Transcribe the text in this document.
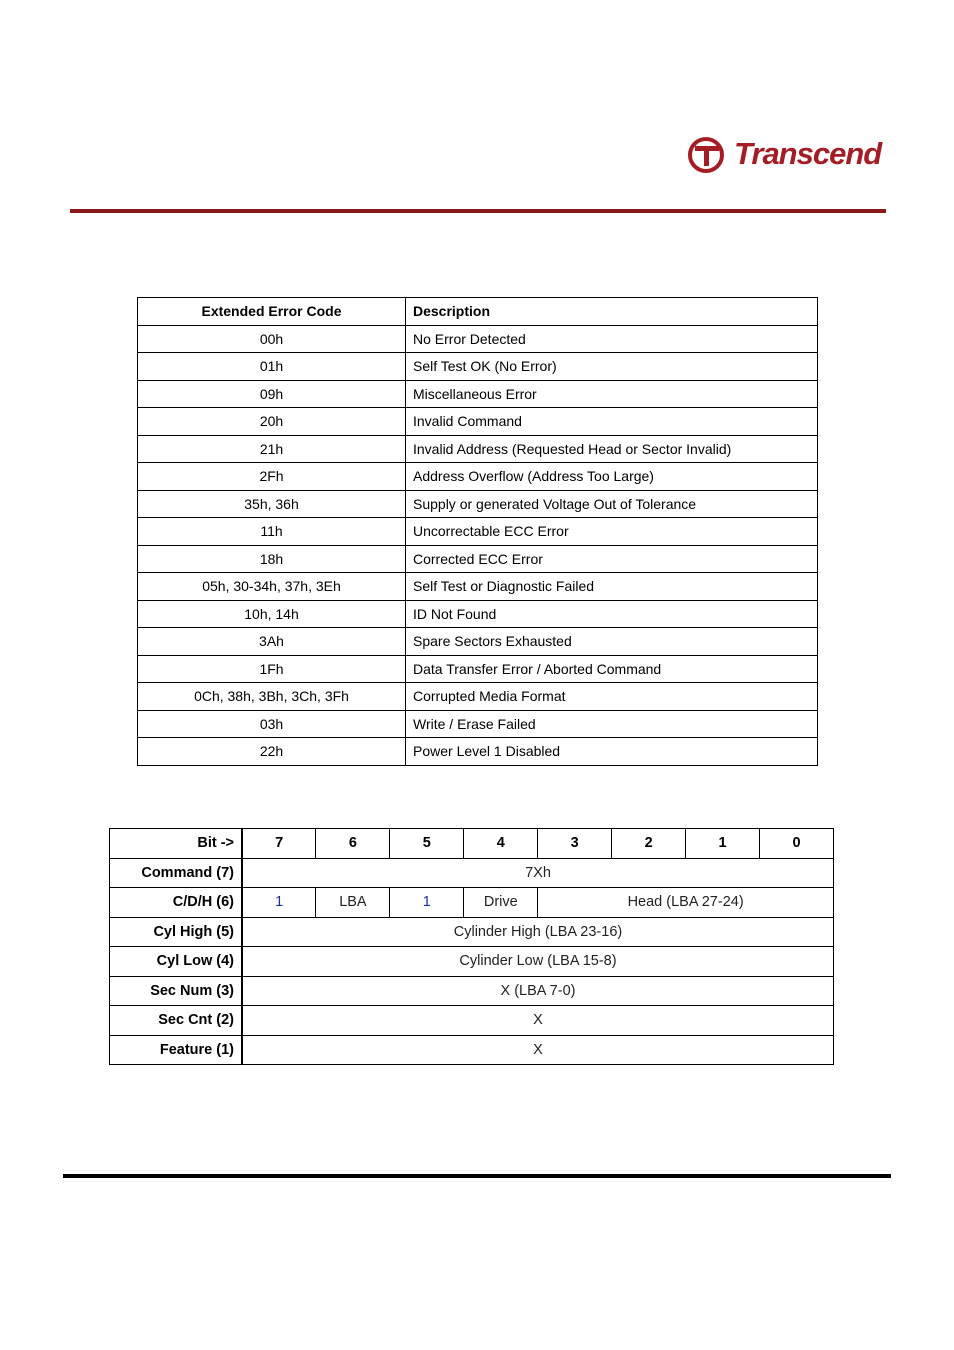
Transcend
Extended Error Code	Description
00h	No Error Detected
01h	Self Test OK (No Error)
09h	Miscellaneous Error
20h	Invalid Command
21h	Invalid Address (Requested Head or Sector Invalid)
2Fh	Address Overflow (Address Too Large)
35h, 36h	Supply or generated Voltage Out of Tolerance
11h	Uncorrectable ECC Error
18h	Corrected ECC Error
05h, 30-34h, 37h, 3Eh	Self Test or Diagnostic Failed
10h, 14h	ID Not Found
3Ah	Spare Sectors Exhausted
1Fh	Data Transfer Error / Aborted Command
0Ch, 38h, 3Bh, 3Ch, 3Fh	Corrupted Media Format
03h	Write / Erase Failed
22h	Power Level 1 Disabled
Bit ->	7	6	5	4	3	2	1	0
Command (7)	7Xh							
C/D/H (6)	1	LBA	1	Drive	Head (LBA 27-24)			
Cyl High (5)	Cylinder High (LBA 23-16)							
Cyl Low (4)	Cylinder Low (LBA 15-8)							
Sec Num (3)	X (LBA 7-0)							
Sec Cnt (2)	X							
Feature (1)	X							
